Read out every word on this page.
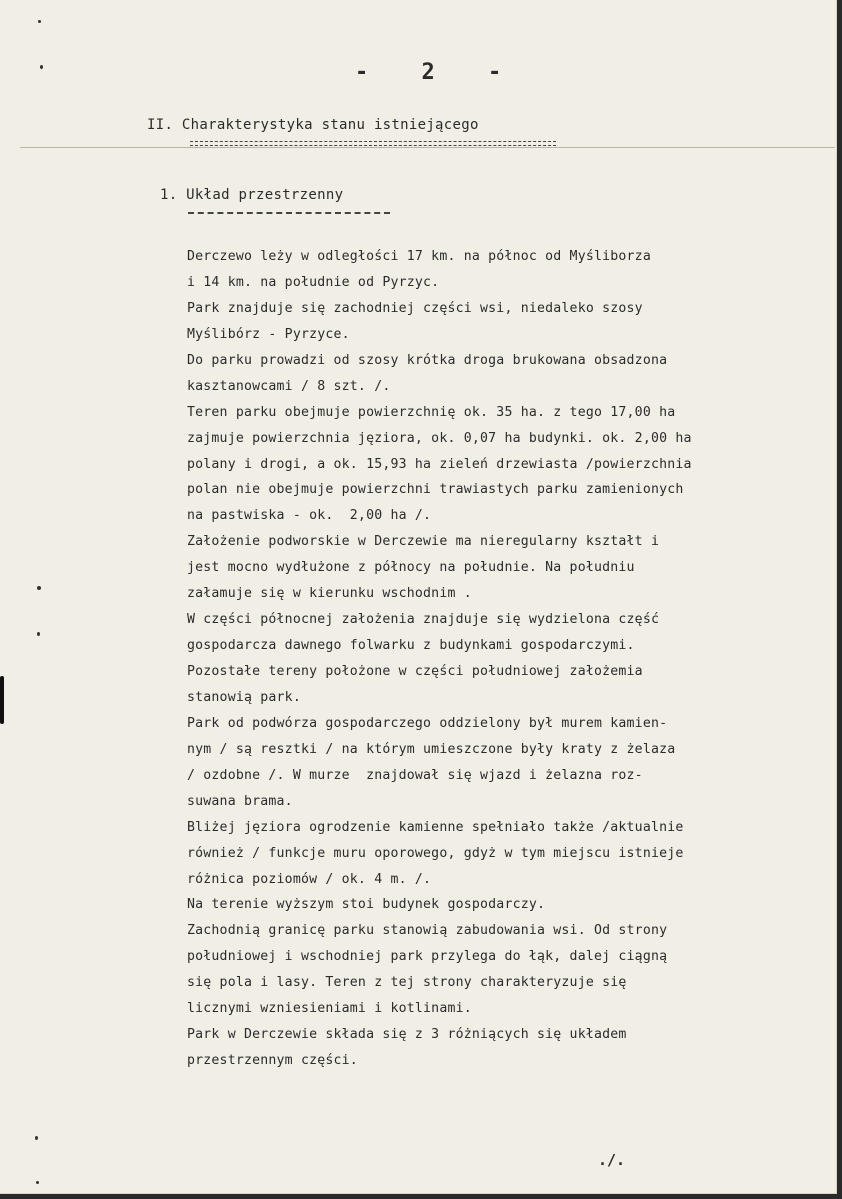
- 2 -
II. Charakterystyka stanu istniejącego
1. Układ przestrzenny
Derczewo leży w odległości 17 km. na północ od Myśliborza
i 14 km. na południe od Pyrzyc.
Park znajduje się zachodniej części wsi, niedaleko szosy
Myślibórz - Pyrzyce.
Do parku prowadzi od szosy krótka droga brukowana obsadzona
kasztanowcami / 8 szt. /.
Teren parku obejmuje powierzchnię ok. 35 ha. z tego 17,00 ha
zajmuje powierzchnia jęziora, ok. 0,07 ha budynki. ok. 2,00 ha
polany i drogi, a ok. 15,93 ha zieleń drzewiasta /powierzchnia
polan nie obejmuje powierzchni trawiastych parku zamienionych
na pastwiska - ok.  2,00 ha /.
Założenie podworskie w Derczewie ma nieregularny kształt i
jest mocno wydłużone z północy na południe. Na południu
załamuje się w kierunku wschodnim .
W części północnej założenia znajduje się wydzielona część
gospodarcza dawnego folwarku z budynkami gospodarczymi.
Pozostałe tereny położone w części południowej założemia
stanowią park.
Park od podwórza gospodarczego oddzielony był murem kamien-
nym / są resztki / na którym umieszczone były kraty z żelaza
/ ozdobne /. W murze  znajdował się wjazd i żelazna roz-
suwana brama.
Bliżej jęziora ogrodzenie kamienne spełniało także /aktualnie
również / funkcje muru oporowego, gdyż w tym miejscu istnieje
różnica poziomów / ok. 4 m. /.
Na terenie wyższym stoi budynek gospodarczy.
Zachodnią granicę parku stanowią zabudowania wsi. Od strony
południowej i wschodniej park przylega do łąk, dalej ciągną
się pola i lasy. Teren z tej strony charakteryzuje się
licznymi wzniesieniami i kotlinami.
Park w Derczewie składa się z 3 różniących się układem
przestrzennym części.
./.
